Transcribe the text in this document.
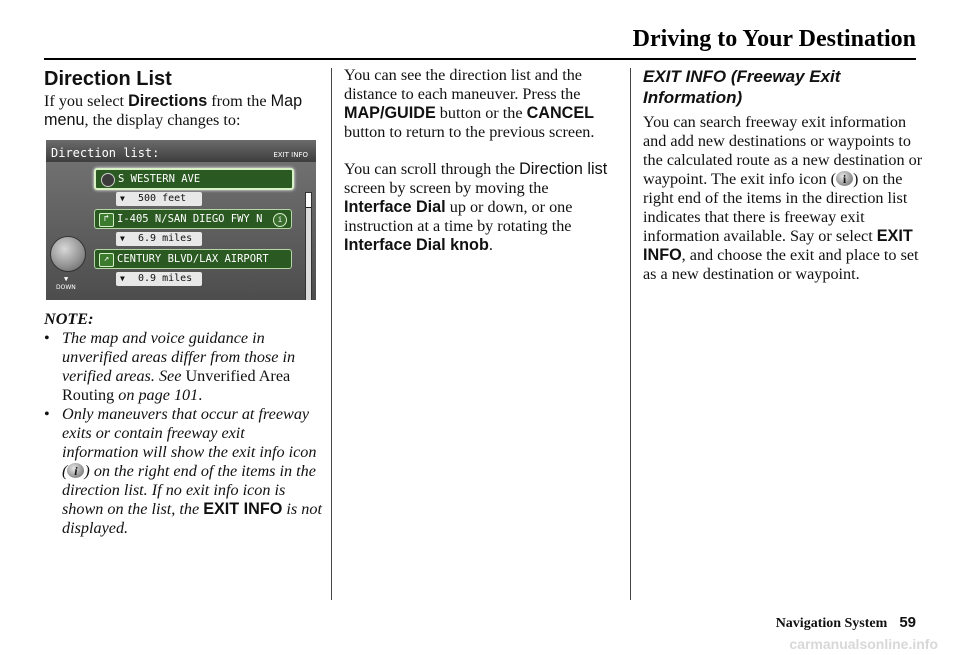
Driving to Your Destination
Direction List

If you select Directions from the Map menu, the display changes to:

Direction list:	EXIT INFO
▼
DOWN
S WESTERN AVE
▼ 500 feet
↱ I-405 N/SAN DIEGO FWY N	i
▼ 6.9 miles
↗ CENTURY BLVD/LAX AIRPORT
▼ 0.9 miles

NOTE:

• The map and voice guidance in unverified areas differ from those in verified areas. See Unverified Area Routing on page 101.

• Only maneuvers that occur at freeway exits or contain freeway exit information will show the exit info icon ( i ) on the right end of the items in the direction list. If no exit info icon is shown on the list, the EXIT INFO is not displayed.

You can see the direction list and the distance to each maneuver. Press the MAP/GUIDE button or the CANCEL button to return to the previous screen.

You can scroll through the Direction list screen by screen by moving the Interface Dial up or down, or one instruction at a time by rotating the Interface Dial knob.

EXIT INFO (Freeway Exit Information)

You can search freeway exit information and add new destinations or waypoints to the calculated route as a new destination or waypoint. The exit info icon ( i ) on the right end of the items in the direction list indicates that there is freeway exit information available. Say or select EXIT INFO, and choose the exit and place to set as a new destination or waypoint.

Navigation System 59
carmanualsonline.info
